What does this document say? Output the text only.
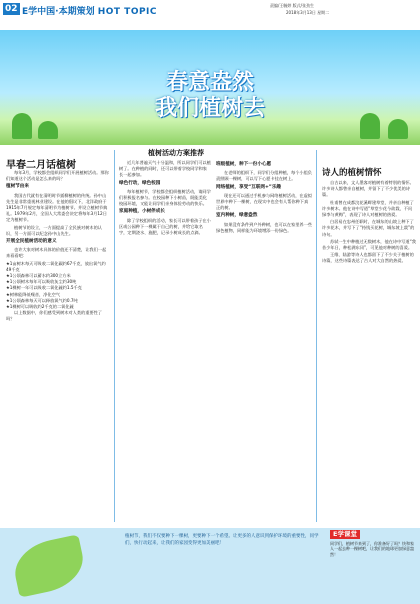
02 E学中国·本期策划 HOT TOPIC
责编/王毓婷 版式/张劲生
2018年3月13日 星期二
春意盎然
我们植树去
早春二月话植树

每年3月，学校都会组织同学们开展植树活动。那你们知道这个活动是怎么来的吗？

植树节由来

我国古代就有在清明时节插柳植树的传统。孙中山先生是非常重视林业建设。在他的倡议下，北洋政府于1915年7月规定每年清明节为植树节。并设立植树节典礼。1979年2月，全国人大常委会决定将每年3月12日定为植树节。

植树节的设立，一方面提高了全民族对树木的认识，另一方面可以纪念孙中山先生。

开展全民植树活动的意义

也许大家对树木具体的价值还不清楚，让我们一起来看看吧：

★1亩树木每天可吸收二氧化碳约67千克，放出氧气约49千克
★1公顷森林可以蓄水约300立方米
★1公顷树木每年可以吸收灰尘约30吨
★1棵树一年可以吸收二氧化硫约1.5千克
★树林能降低噪音，净化空气
★1公顷森林每天可以释放氧气约0.7吨
★1棵树可以吸收约2千克的二氧化硫

以上数据中，你们感受到树木对人类的重要性了吗？

植树活动方案推荐

近几年普遍天气十分温和，所以同学们可以植树了。在种植的同时，还可以带着学校同学和家长一起参加。

绿色行动，绿色校园

每年植树节，学校都会组织植树活动，请同学们积极报名参与。在校园种下小树苗，既能美化校园环境，又能让同学们亲身体验劳动的快乐。

家庭种植，小树伴成长

除了学校组织的活动，家长可以带着孩子在小区或公园种下一棵属于自己的树，并给它取名字，定期浇水、施肥，记录小树成长的点滴。

班级植树，种下一份小心愿

在老师的组织下，同学们分组种植，每个小组负责照顾一棵树，可以写下心愿卡挂在树上。

网络植树，享受“互联网+”乐趣

现在还可以通过手机参与网络植树活动，在虚拟世界中种下一棵树，在现实中也会有人帮你种下真正的树。

室内种树，绿意盎然

如果没有条件到户外种树，也可以在家里养一些绿色植物，同样能为环境增添一份绿色。

诗人的植树情怀

自古以来，文人墨客对植树有着特别的情怀。许多诗人都曾亲自植树，并留下了不少优美的诗篇。

杜甫曾在成都浣花溪畔建草堂，并亲自种植了许多树木。他在诗中写道“草堂少花今欲栽，不问绿李与黄梅”，表现了诗人对植树的热爱。

白居易在忠州任职时，在城东的山坡上种下了许多花木，并写下了“持钱买花树，城东坡上栽”的诗句。

苏轼一生中种植过无数树木，他在诗中写道“我昔少年日，种松满东冈”，可见他对种树的喜爱。

王维、陆游等诗人也都留下了不少关于植树的诗篇，这些诗篇表达了古人对大自然的热爱。

植树节，我们不仅要种下一棵树，更要种下一个希望。让更多的人意识到保护环境的重要性，同学们，快行动起来，让我们的家园变得更加美丽吧！
E学课堂
同学们，植树节来到了，你准备好了吗？快和家人一起去种一棵树吧，让我们的地球更加绿意盎然！
